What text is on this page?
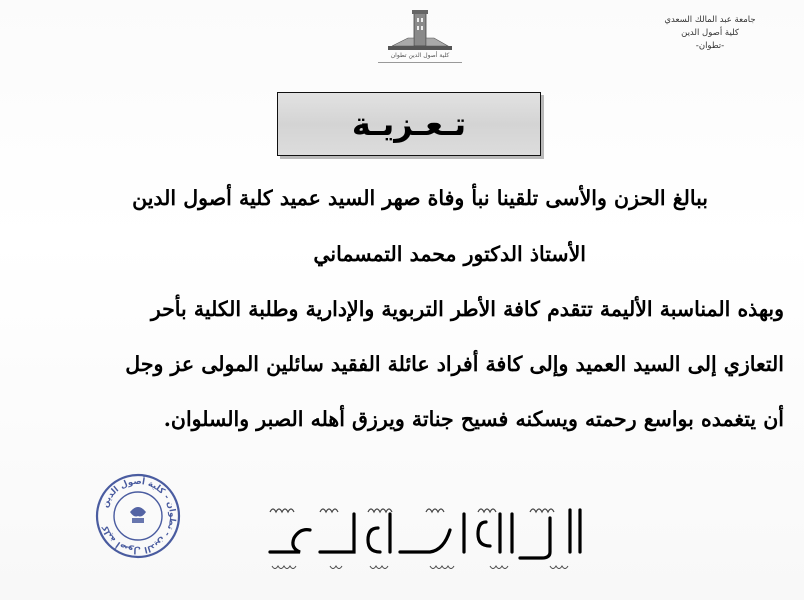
جامعة عبد المالك السعدي
كلية أصول الدين
-تطوان-
كلية أصول الدين تطوان
تـعـزيـة
ببالغ الحزن والأسى تلقينا نبأ وفاة صهر السيد عميد كلية أصول الدين
الأستاذ الدكتور محمد التمسماني
وبهذه المناسبة الأليمة تتقدم كافة الأطر التربوية والإدارية وطلبة الكلية بأحر
التعازي إلى السيد العميد وإلى كافة أفراد عائلة الفقيد سائلين المولى عز وجل
أن يتغمده بواسع رحمته ويسكنه فسيح جناتة ويرزق أهله الصبر والسلوان.
كلية أصول الدين - تطوان - كلية أصول الدين
